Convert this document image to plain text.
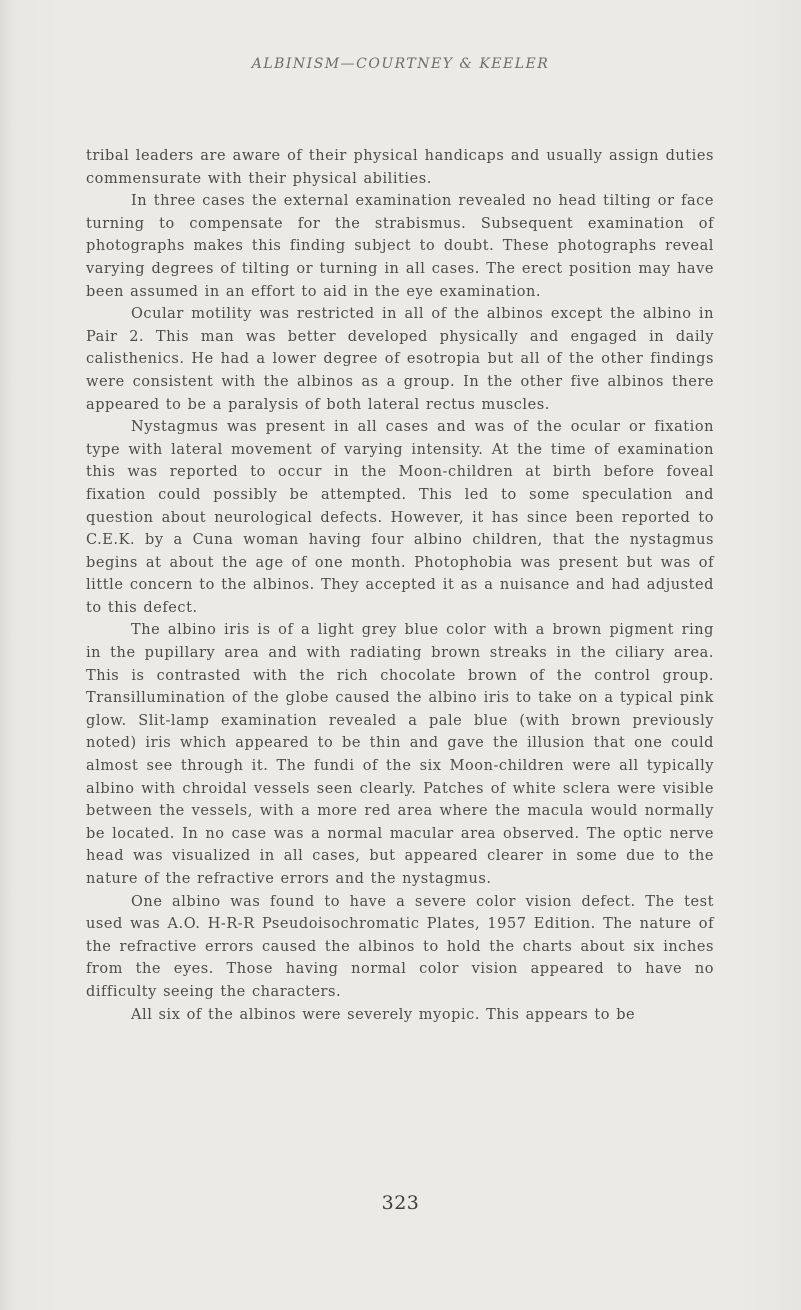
ALBINISM—COURTNEY & KEELER

tribal leaders are aware of their physical handicaps and usually assign duties commensurate with their physical abilities.

In three cases the external examination revealed no head tilting or face turning to compensate for the strabismus. Subsequent examination of photographs makes this finding subject to doubt. These photographs reveal varying degrees of tilting or turning in all cases. The erect position may have been assumed in an effort to aid in the eye examination.

Ocular motility was restricted in all of the albinos except the albino in Pair 2. This man was better developed physically and engaged in daily calisthenics. He had a lower degree of esotropia but all of the other findings were consistent with the albinos as a group. In the other five albinos there appeared to be a paralysis of both lateral rectus muscles.

Nystagmus was present in all cases and was of the ocular or fixation type with lateral movement of varying intensity. At the time of examination this was reported to occur in the Moon-children at birth before foveal fixation could possibly be attempted. This led to some speculation and question about neurological defects. However, it has since been reported to C.E.K. by a Cuna woman having four albino children, that the nystagmus begins at about the age of one month. Photophobia was present but was of little concern to the albinos. They accepted it as a nuisance and had adjusted to this defect.

The albino iris is of a light grey blue color with a brown pigment ring in the pupillary area and with radiating brown streaks in the ciliary area. This is contrasted with the rich chocolate brown of the control group. Transillumination of the globe caused the albino iris to take on a typical pink glow. Slit-lamp examination revealed a pale blue (with brown previously noted) iris which appeared to be thin and gave the illusion that one could almost see through it. The fundi of the six Moon-children were all typically albino with chroidal vessels seen clearly. Patches of white sclera were visible between the vessels, with a more red area where the macula would normally be located. In no case was a normal macular area observed. The optic nerve head was visualized in all cases, but appeared clearer in some due to the nature of the refractive errors and the nystagmus.

One albino was found to have a severe color vision defect. The test used was A.O. H-R-R Pseudoisochromatic Plates, 1957 Edition. The nature of the refractive errors caused the albinos to hold the charts about six inches from the eyes. Those having normal color vision appeared to have no difficulty seeing the characters.

All six of the albinos were severely myopic. This appears to be

323
